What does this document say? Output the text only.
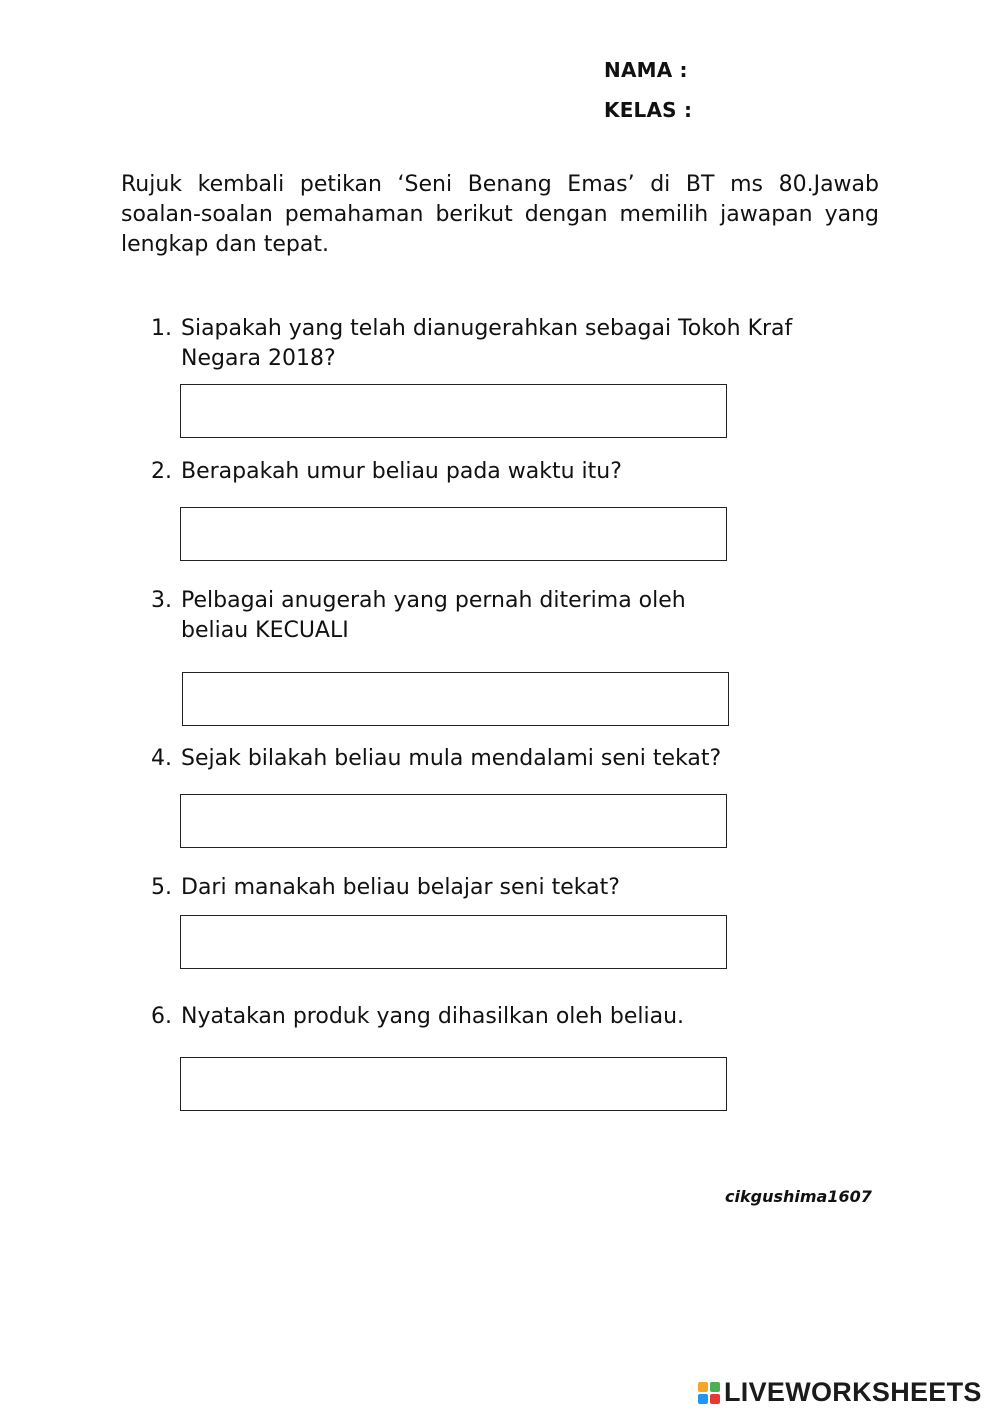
NAMA :
KELAS :
Rujuk kembali petikan ‘Seni Benang Emas’ di BT ms 80.Jawab soalan-soalan pemahaman berikut dengan memilih jawapan yang lengkap dan tepat.
1. Siapakah yang telah dianugerahkan sebagai Tokoh Kraf Negara 2018?
2. Berapakah umur beliau pada waktu itu?
3. Pelbagai anugerah yang pernah diterima oleh beliau KECUALI
4. Sejak bilakah beliau mula mendalami seni tekat?
5. Dari manakah beliau belajar seni tekat?
6. Nyatakan produk yang dihasilkan oleh beliau.
cikgushima1607
LIVEWORKSHEETS
